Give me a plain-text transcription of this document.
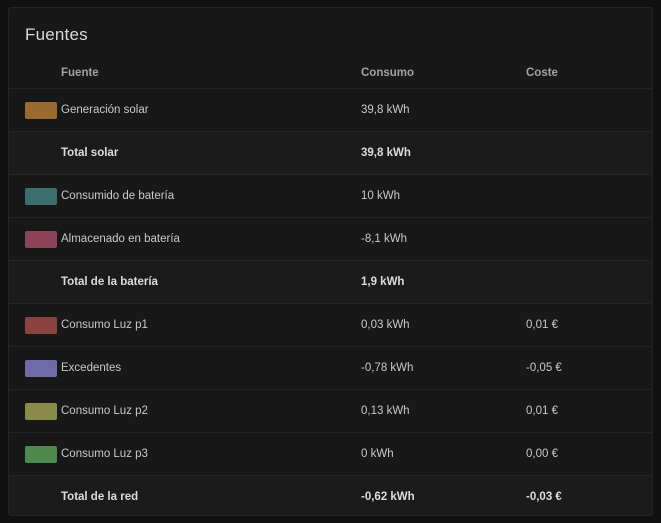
Fuentes
	Fuente	Consumo	Coste

	Generación solar	39,8 kWh	
	Total solar	39,8 kWh	

	Consumido de batería	10 kWh	

	Almacenado en batería	-8,1 kWh	
	Total de la batería	1,9 kWh	

	Consumo Luz p1	0,03 kWh	0,01 €

	Excedentes	-0,78 kWh	-0,05 €

	Consumo Luz p2	0,13 kWh	0,01 €

	Consumo Luz p3	0 kWh	0,00 €
	Total de la red	-0,62 kWh	-0,03 €
